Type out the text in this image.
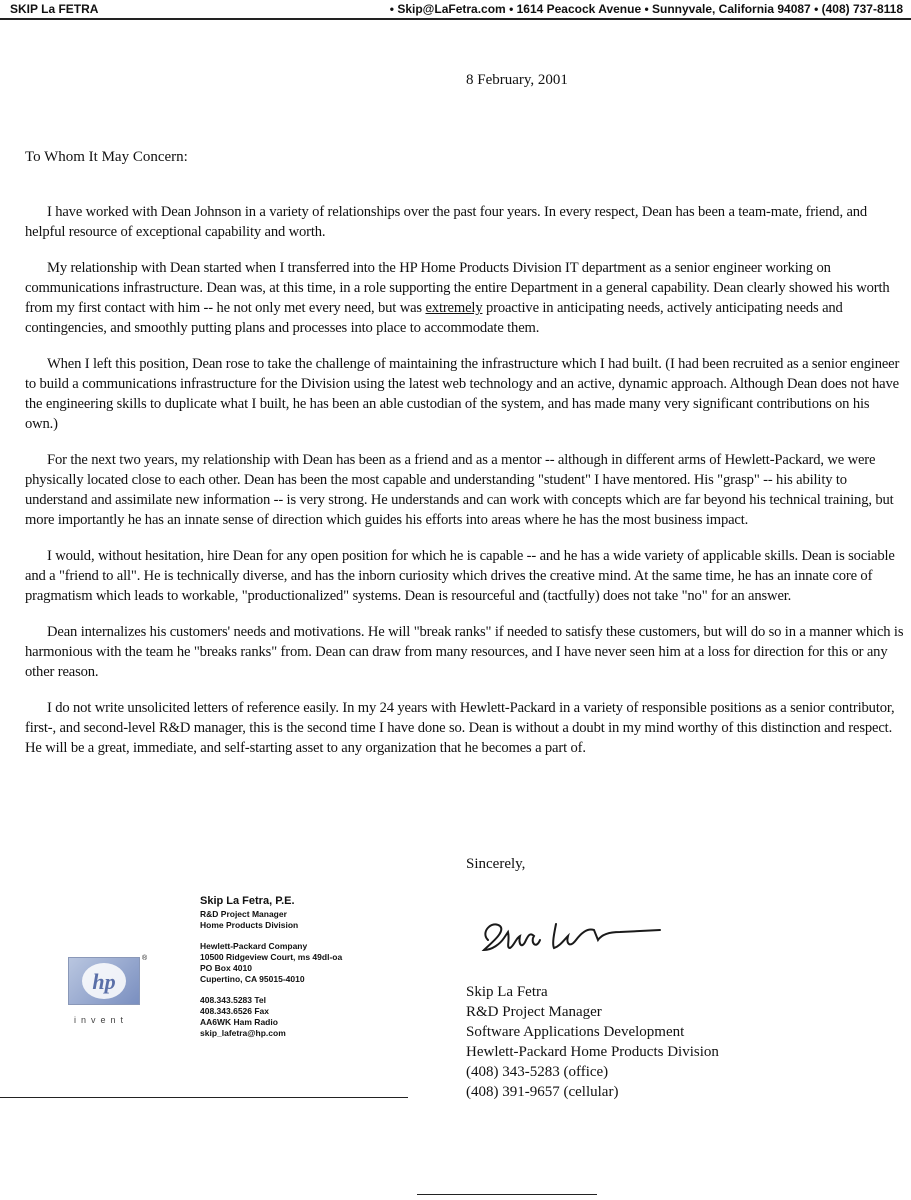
SKIP La FETRA	• Skip@LaFetra.com • 1614 Peacock Avenue • Sunnyvale, California 94087 • (408) 737-8118
8 February, 2001
To Whom It May Concern:

I have worked with Dean Johnson in a variety of relationships over the past four years. In every respect, Dean has been a team-mate, friend, and helpful resource of exceptional capability and worth.

My relationship with Dean started when I transferred into the HP Home Products Division IT department as a senior engineer working on communications infrastructure. Dean was, at this time, in a role supporting the entire Department in a general capability. Dean clearly showed his worth from my first contact with him -- he not only met every need, but was extremely proactive in anticipating needs, actively anticipating needs and contingencies, and smoothly putting plans and processes into place to accommodate them.

When I left this position, Dean rose to take the challenge of maintaining the infrastructure which I had built. (I had been recruited as a senior engineer to build a communications infrastructure for the Division using the latest web technology and an active, dynamic approach. Although Dean does not have the engineering skills to duplicate what I built, he has been an able custodian of the system, and has made many very significant contributions on his own.)

For the next two years, my relationship with Dean has been as a friend and as a mentor -- although in different arms of Hewlett-Packard, we were physically located close to each other. Dean has been the most capable and understanding "student" I have mentored. His "grasp" -- his ability to understand and assimilate new information -- is very strong. He understands and can work with concepts which are far beyond his technical training, but more importantly he has an innate sense of direction which guides his efforts into areas where he has the most business impact.

I would, without hesitation, hire Dean for any open position for which he is capable -- and he has a wide variety of applicable skills. Dean is sociable and a "friend to all". He is technically diverse, and has the inborn curiosity which drives the creative mind. At the same time, he has an innate core of pragmatism which leads to workable, "productionalized" systems. Dean is resourceful and (tactfully) does not take "no" for an answer.

Dean internalizes his customers' needs and motivations. He will "break ranks" if needed to satisfy these customers, but will do so in a manner which is harmonious with the team he "breaks ranks" from. Dean can draw from many resources, and I have never seen him at a loss for direction for this or any other reason.

I do not write unsolicited letters of reference easily. In my 24 years with Hewlett-Packard in a variety of responsible positions as a senior contributor, first-, and second-level R&D manager, this is the second time I have done so. Dean is without a doubt in my mind worthy of this distinction and respect. He will be a great, immediate, and self-starting asset to any organization that he becomes a part of.

Sincerely,
hp
®
invent
Skip La Fetra, P.E.
R&D Project Manager
Home Products Division
Hewlett-Packard Company
10500 Ridgeview Court, ms 49dl-oa
PO Box 4010
Cupertino, CA 95015-4010
408.343.5283 Tel
408.343.6526 Fax
AA6WK Ham Radio
skip_lafetra@hp.com
Skip La Fetra
R&D Project Manager
Software Applications Development
Hewlett-Packard Home Products Division
(408) 343-5283 (office)
(408) 391-9657 (cellular)
